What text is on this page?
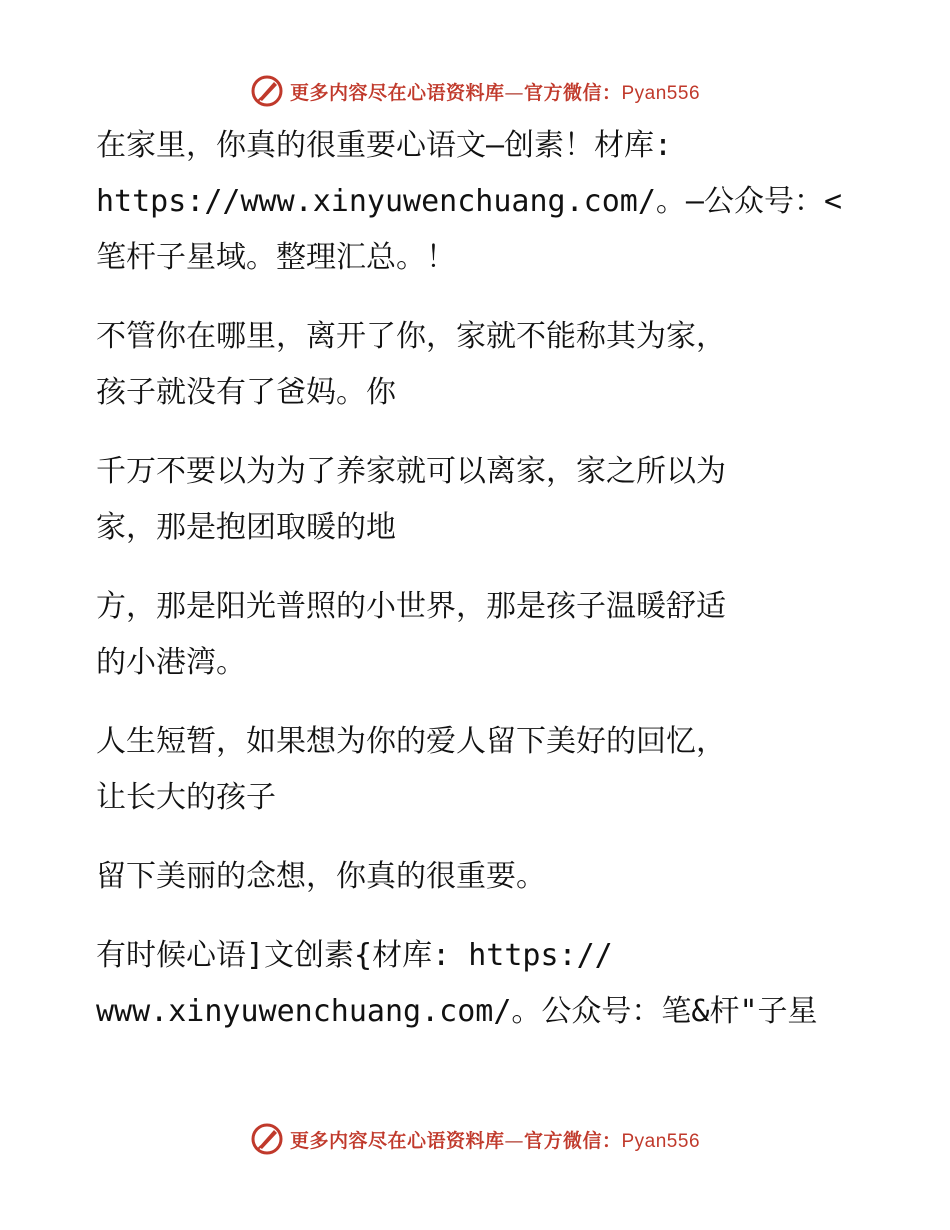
更多内容尽在心语资料库—官方微信：Pyan556
在家里，你真的很重要心语文—创素！材库:
https://www.xinyuwenchuang.com/。—公众号：<
笔杆子星域。整理汇总。！
不管你在哪里，离开了你，家就不能称其为家，
孩子就没有了爸妈。你
千万不要以为为了养家就可以离家，家之所以为
家，那是抱团取暖的地
方，那是阳光普照的小世界，那是孩子温暖舒适
的小港湾。
人生短暂，如果想为你的爱人留下美好的回忆，
让长大的孩子
留下美丽的念想，你真的很重要。
有时候心语]文创素{材库: https://
www.xinyuwenchuang.com/。公众号：笔&杆"子星
更多内容尽在心语资料库—官方微信：Pyan556
